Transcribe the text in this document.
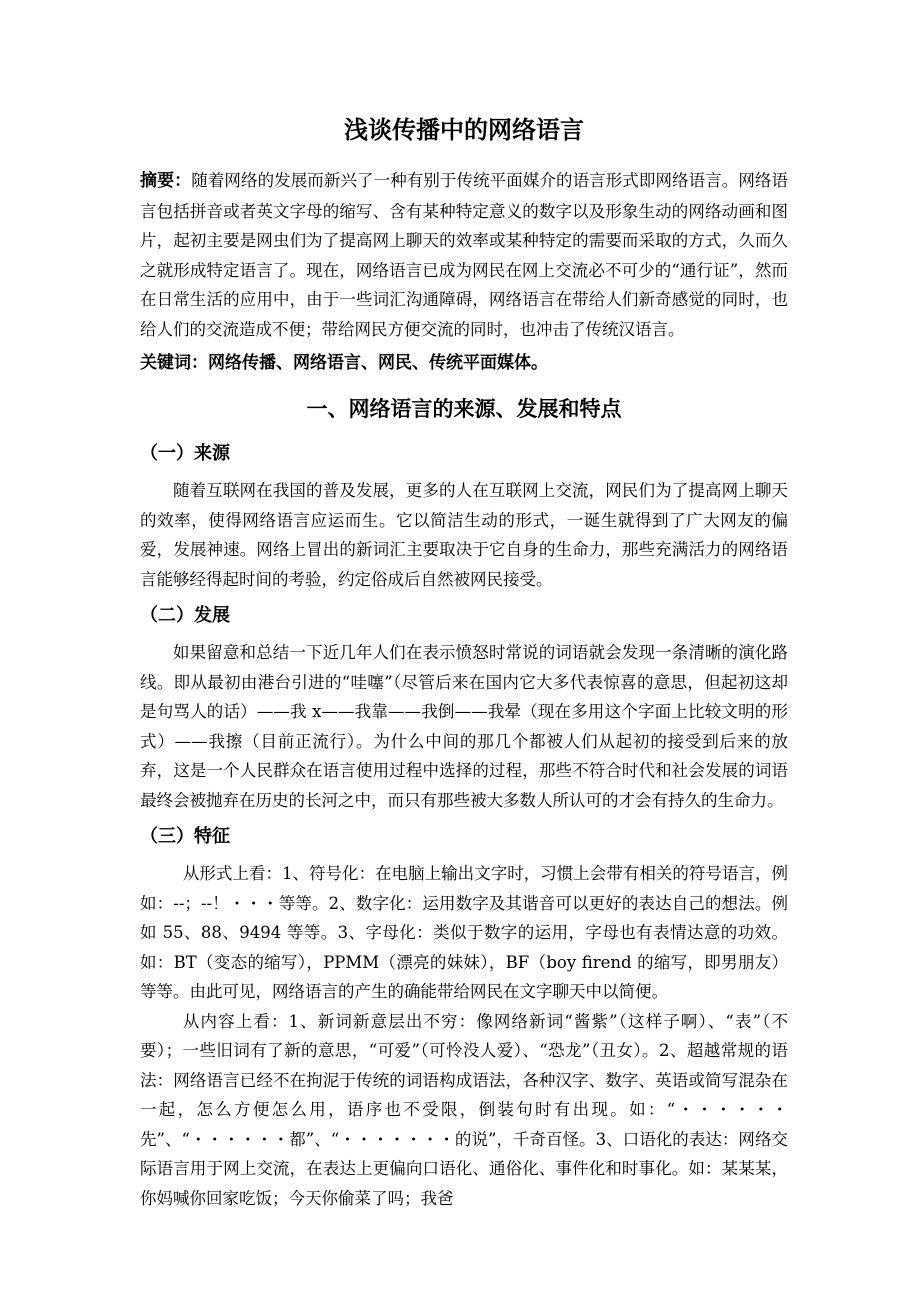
浅谈传播中的网络语言

摘要：随着网络的发展而新兴了一种有别于传统平面媒介的语言形式即网络语言。网络语言包括拼音或者英文字母的缩写、含有某种特定意义的数字以及形象生动的网络动画和图片，起初主要是网虫们为了提高网上聊天的效率或某种特定的需要而采取的方式，久而久之就形成特定语言了。现在，网络语言已成为网民在网上交流必不可少的“通行证”，然而在日常生活的应用中，由于一些词汇沟通障碍，网络语言在带给人们新奇感觉的同时，也给人们的交流造成不便；带给网民方便交流的同时，也冲击了传统汉语言。

关键词：网络传播、网络语言、网民、传统平面媒体。

一、网络语言的来源、发展和特点
（一）来源

随着互联网在我国的普及发展，更多的人在互联网上交流，网民们为了提高网上聊天的效率，使得网络语言应运而生。它以简洁生动的形式，一诞生就得到了广大网友的偏爱，发展神速。网络上冒出的新词汇主要取决于它自身的生命力，那些充满活力的网络语言能够经得起时间的考验，约定俗成后自然被网民接受。

（二）发展

如果留意和总结一下近几年人们在表示愤怒时常说的词语就会发现一条清晰的演化路线。即从最初由港台引进的“哇噻”（尽管后来在国内它大多代表惊喜的意思，但起初这却是句骂人的话）——我 x——我靠——我倒——我晕（现在多用这个字面上比较文明的形式）——我擦（目前正流行）。为什么中间的那几个都被人们从起初的接受到后来的放弃，这是一个人民群众在语言使用过程中选择的过程，那些不符合时代和社会发展的词语最终会被抛弃在历史的长河之中，而只有那些被大多数人所认可的才会有持久的生命力。

（三）特征

从形式上看：1、符号化：在电脑上输出文字时，习惯上会带有相关的符号语言，例如：--；--！・・・等等。2、数字化：运用数字及其谐音可以更好的表达自己的想法。例如 55、88、9494 等等。3、字母化：类似于数字的运用，字母也有表情达意的功效。如：BT（变态的缩写），PPMM（漂亮的妹妹），BF（boy firend 的缩写，即男朋友）等等。由此可见，网络语言的产生的确能带给网民在文字聊天中以简便。

从内容上看：1、新词新意层出不穷：像网络新词“酱紫”（这样子啊）、“表”（不要）；一些旧词有了新的意思，“可爱”（可怜没人爱）、“恐龙”（丑女）。2、超越常规的语法：网络语言已经不在拘泥于传统的词语构成语法，各种汉字、数字、英语或简写混杂在一起，怎么方便怎么用，语序也不受限，倒装句时有出现。如：“・・・・・・先”、“・・・・・・都”、“・・・・・・・的说”，千奇百怪。3、口语化的表达：网络交际语言用于网上交流，在表达上更偏向口语化、通俗化、事件化和时事化。如：某某某，你妈喊你回家吃饭；今天你偷菜了吗；我爸
